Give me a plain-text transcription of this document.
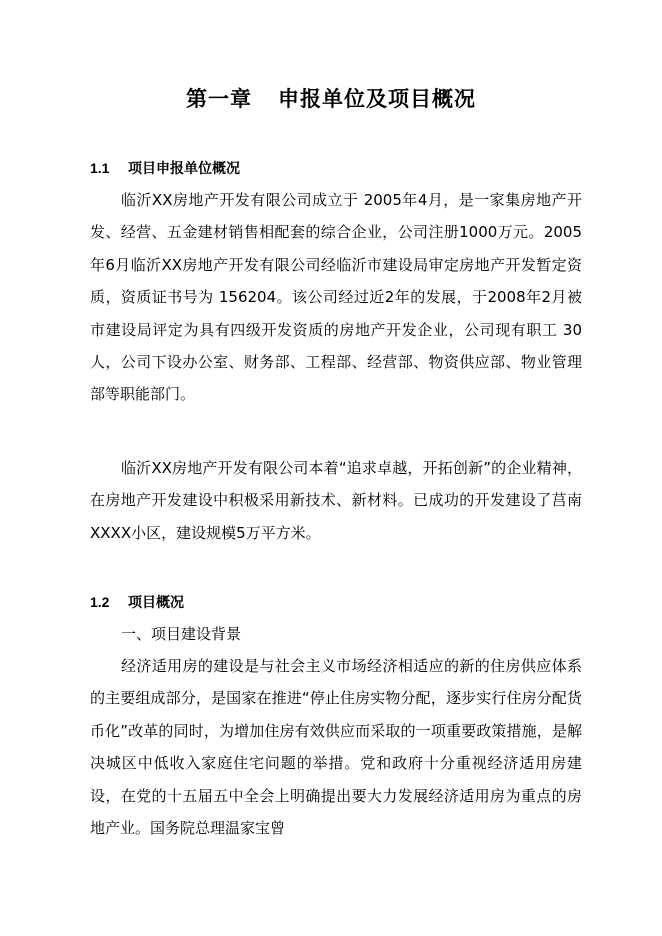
第一章 申报单位及项目概况
1.1 项目申报单位概况

临沂XX房地产开发有限公司成立于 2005年4月，是一家集房地产开发、经营、五金建材销售相配套的综合企业，公司注册1000万元。2005年6月临沂XX房地产开发有限公司经临沂市建设局审定房地产开发暂定资质，资质证书号为 156204。该公司经过近2年的发展，于2008年2月被市建设局评定为具有四级开发资质的房地产开发企业，公司现有职工 30人，公司下设办公室、财务部、工程部、经营部、物资供应部、物业管理部等职能部门。

临沂XX房地产开发有限公司本着“追求卓越，开拓创新”的企业精神，在房地产开发建设中积极采用新技术、新材料。已成功的开发建设了莒南XXXX小区，建设规模5万平方米。

1.2 项目概况
一、项目建设背景

经济适用房的建设是与社会主义市场经济相适应的新的住房供应体系的主要组成部分，是国家在推进“停止住房实物分配，逐步实行住房分配货币化”改革的同时，为增加住房有效供应而采取的一项重要政策措施，是解决城区中低收入家庭住宅问题的举措。党和政府十分重视经济适用房建设，在党的十五届五中全会上明确提出要大力发展经济适用房为重点的房地产业。国务院总理温家宝曾
